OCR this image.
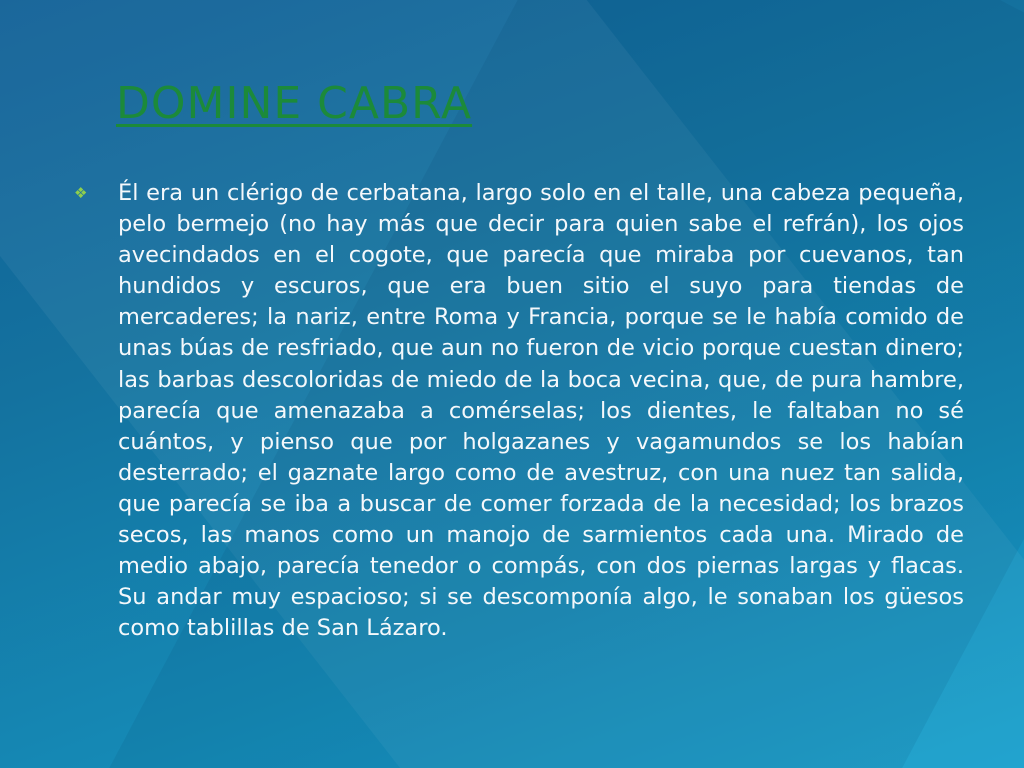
DOMINE CABRA
❖	Él era un clérigo de cerbatana, largo solo en el talle, una cabeza pequeña, pelo bermejo (no hay más que decir para quien sabe el refrán), los ojos avecindados en el cogote, que parecía que miraba por cuevanos, tan hundidos y escuros, que era buen sitio el suyo para tiendas de mercaderes; la nariz, entre Roma y Francia, porque se le había comido de unas búas de resfriado, que aun no fueron de vicio porque cuestan dinero; las barbas descoloridas de miedo de la boca vecina, que, de pura hambre, parecía que amenazaba a comérselas; los dientes, le faltaban no sé cuántos, y pienso que por holgazanes y vagamundos se los habían desterrado; el gaznate largo como de avestruz, con una nuez tan salida, que parecía se iba a buscar de comer forzada de la necesidad; los brazos secos, las manos como un manojo de sarmientos cada una. Mirado de medio abajo, parecía tenedor o compás, con dos piernas largas y flacas. Su andar muy espacioso; si se descomponía algo, le sonaban los güesos como tablillas de San Lázaro.
